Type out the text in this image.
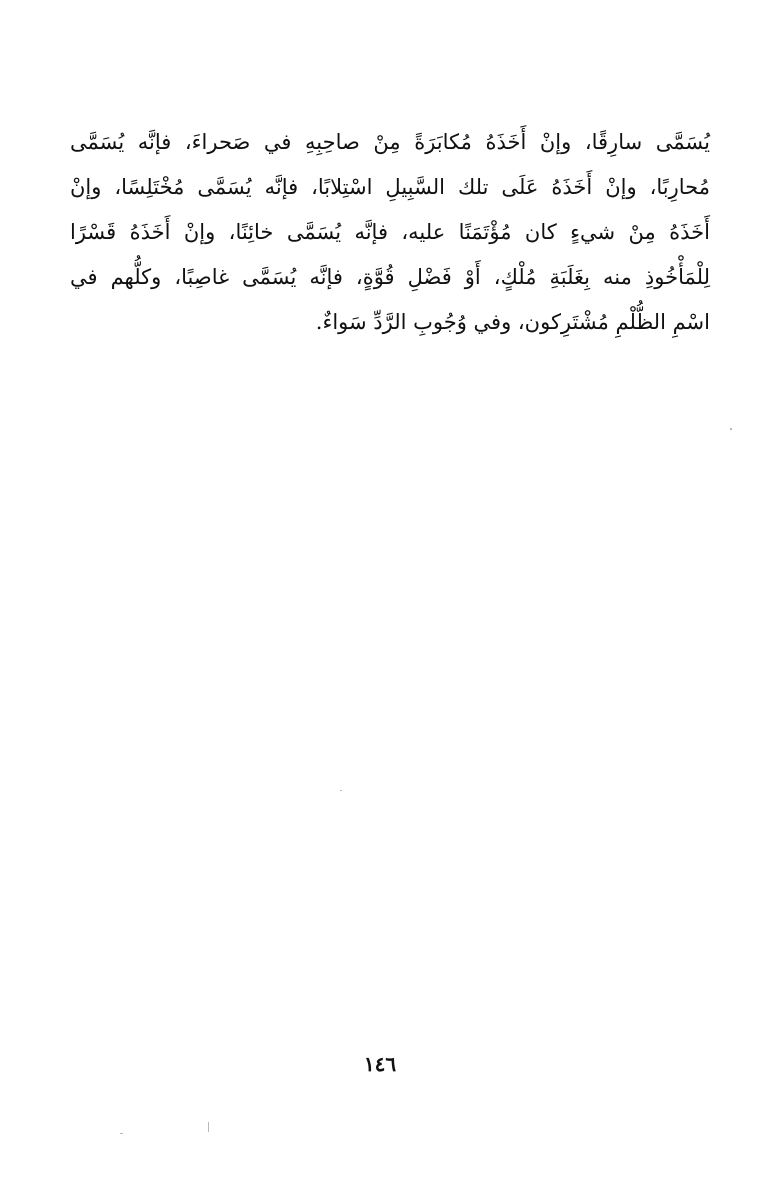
يُسَمَّى سارِقًا، وإنْ أَخَذَهُ مُكابَرَةً مِنْ صاحِبِهِ في صَحراءَ، فإنَّه يُسَمَّى
مُحارِبًا، وإنْ أَخَذَهُ عَلَى تلك السَّبِيلِ اسْتِلابًا، فإنَّه يُسَمَّى مُخْتَلِسًا، وإنْ
أَخَذَهُ مِنْ شيءٍ كان مُؤْتَمَنًا عليه، فإنَّه يُسَمَّى خائِنًا، وإنْ أَخَذَهُ قَسْرًا
لِلْمَأْخُوذِ منه بِغَلَبَةِ مُلْكٍ، أَوْ فَضْلِ قُوَّةٍ، فإنَّه يُسَمَّى غاصِبًا، وكلُّهم في
اسْمِ الظُّلْمِ مُشْتَرِكون، وفي وُجُوبِ الرَّدِّ سَواءٌ.
١٤٦
